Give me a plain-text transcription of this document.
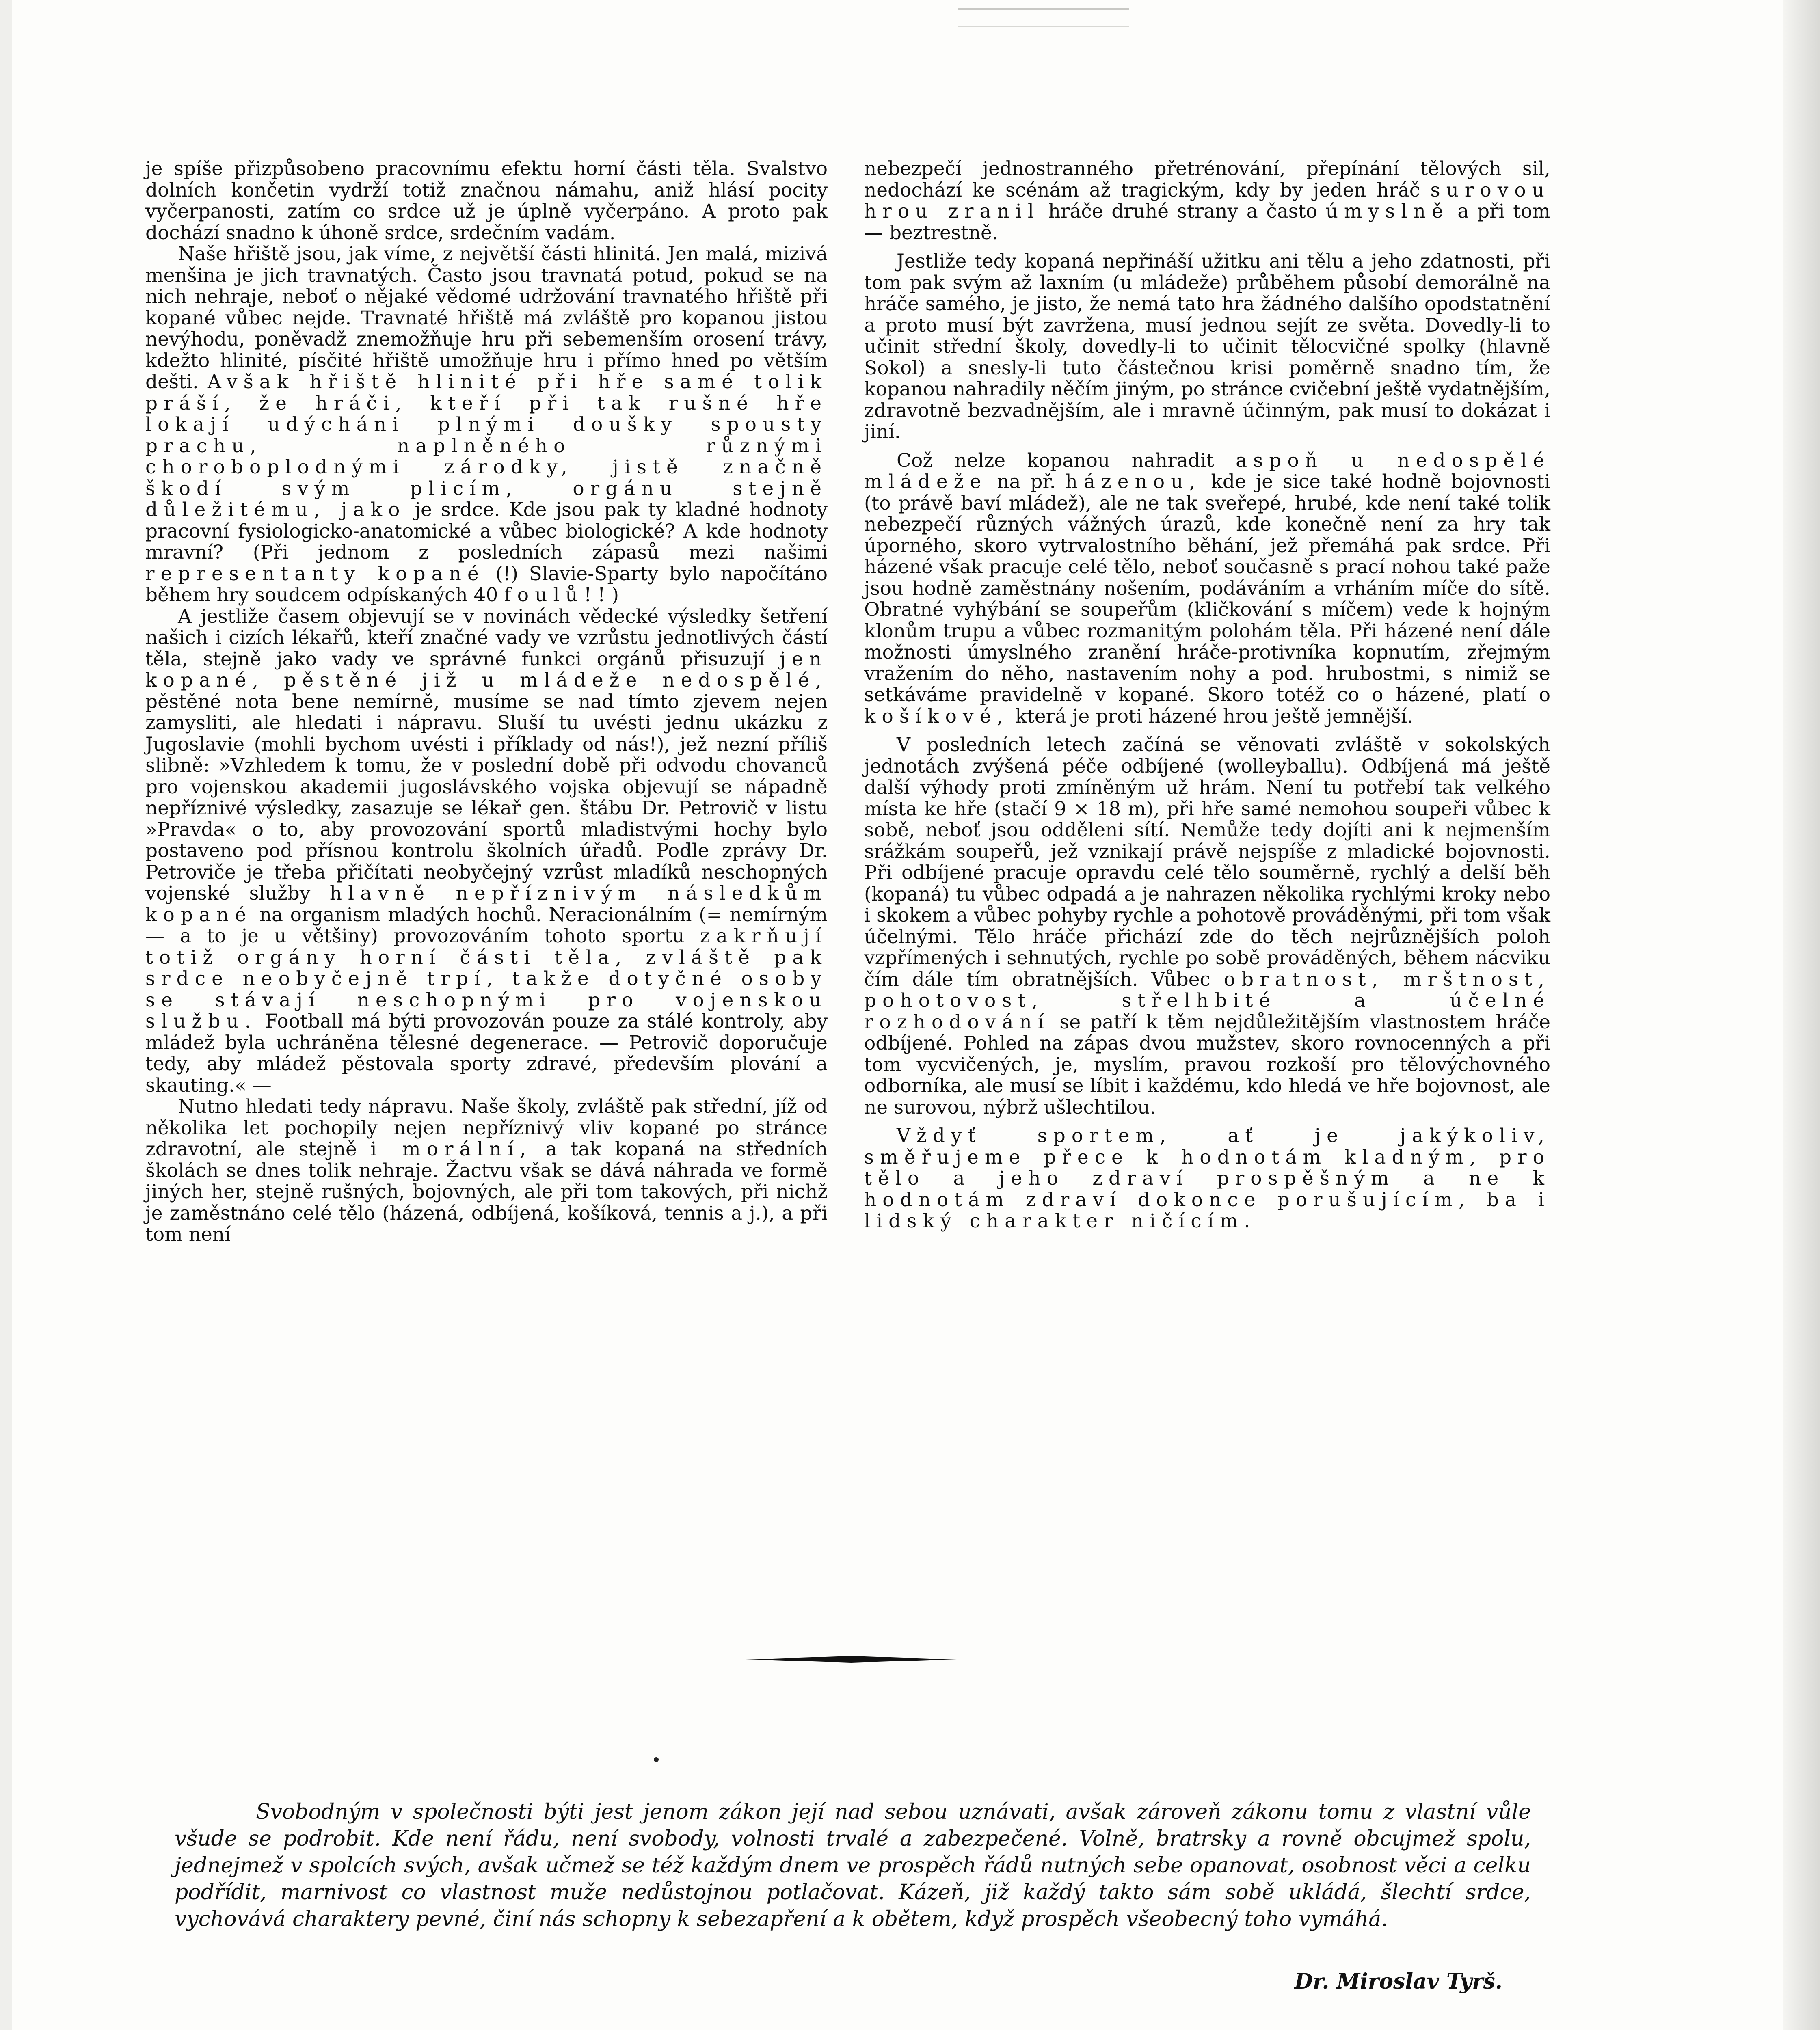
je spíše přizpůsobeno pracovnímu efektu horní části těla. Svalstvo dolních končetin vydrží totiž značnou námahu, aniž hlásí pocity vyčerpanosti, zatím co srdce už je úplně vyčerpáno. A proto pak dochází snadno k úhoně srdce, srdečním vadám.

Naše hřiště jsou, jak víme, z největší části hlinitá. Jen malá, mizivá menšina je jich travnatých. Často jsou travnatá potud, pokud se na nich nehraje, neboť o nějaké vědomé udržování travnatého hřiště při kopané vůbec nejde. Travnaté hřiště má zvláště pro kopanou jistou nevýhodu, poněvadž znemožňuje hru při sebemenším orosení trávy, kdežto hlinité, písčité hřiště umožňuje hru i přímo hned po větším dešti. Avšak hřiště hlinité při hře samé tolik práší, že hráči, kteří při tak rušné hře lokají udýcháni plnými doušky spousty prachu, naplněného různými choroboplodnými zárodky, jistě značně škodí svým plicím, orgánu stejně důležitému, jako je srdce. Kde jsou pak ty kladné hodnoty pracovní fysiologicko-anatomické a vůbec biologické? A kde hodnoty mravní? (Při jednom z posledních zápasů mezi našimi representanty kopané (!) Slavie-Sparty bylo napočítáno během hry soudcem odpískaných 40 foulů!!)

A jestliže časem objevují se v novinách vědecké výsledky šetření našich i cizích lékařů, kteří značné vady ve vzrůstu jednotlivých částí těla, stejně jako vady ve správné funkci orgánů přisuzují jen kopané, pěstěné již u mládeže nedospělé, pěstěné nota bene nemírně, musíme se nad tímto zjevem nejen zamysliti, ale hledati i nápravu. Sluší tu uvésti jednu ukázku z Jugoslavie (mohli bychom uvésti i příklady od nás!), jež nezní příliš slibně: »Vzhledem k tomu, že v poslední době při odvodu chovanců pro vojenskou akademii jugoslávského vojska objevují se nápadně nepříznivé výsledky, zasazuje se lékař gen. štábu Dr. Petrovič v listu »Pravda« o to, aby provozování sportů mladistvými hochy bylo postaveno pod přísnou kontrolu školních úřadů. Podle zprávy Dr. Petroviče je třeba přičítati neobyčejný vzrůst mladíků neschopných vojenské služby hlavně nepříznivým následkům kopané na organism mladých hochů. Neracionálním (= nemírným — a to je u většiny) provozováním tohoto sportu zakrňují totiž orgány horní části těla, zvláště pak srdce neobyčejně trpí, takže dotyčné osoby se stávají neschopnými pro vojenskou službu. Football má býti provozován pouze za stálé kontroly, aby mládež byla uchráněna tělesné degenerace. — Petrovič doporučuje tedy, aby mládež pěstovala sporty zdravé, především plování a skauting.« —

Nutno hledati tedy nápravu. Naše školy, zvláště pak střední, jíž od několika let pochopily nejen nepříznivý vliv kopané po stránce zdravotní, ale stejně i morální, a tak kopaná na středních školách se dnes tolik nehraje. Žactvu však se dává náhrada ve formě jiných her, stejně rušných, bojovných, ale při tom takových, při nichž je zaměstnáno celé tělo (házená, odbíjená, košíková, tennis a j.), a při tom není

nebezpečí jednostranného přetrénování, přepínání tělových sil, nedochází ke scénám až tragickým, kdy by jeden hráč surovou hrou zranil hráče druhé strany a často úmyslně a při tom — beztrestně.

Jestliže tedy kopaná nepřináší užitku ani tělu a jeho zdatnosti, při tom pak svým až laxním (u mládeže) průběhem působí demorálně na hráče samého, je jisto, že nemá tato hra žádného dalšího opodstatnění a proto musí být zavržena, musí jednou sejít ze světa. Dovedly-li to učinit střední školy, dovedly-li to učinit tělocvičné spolky (hlavně Sokol) a snesly-li tuto částečnou krisi poměrně snadno tím, že kopanou nahradily něčím jiným, po stránce cvičební ještě vydatnějším, zdravotně bezvadnějším, ale i mravně účinným, pak musí to dokázat i jiní.

Což nelze kopanou nahradit aspoň u nedospělé mládeže na př. házenou, kde je sice také hodně bojovnosti (to právě baví mládež), ale ne tak sveřepé, hrubé, kde není také tolik nebezpečí různých vážných úrazů, kde konečně není za hry tak úporného, skoro vytrvalostního běhání, jež přemáhá pak srdce. Při házené však pracuje celé tělo, neboť současně s prací nohou také paže jsou hodně zaměstnány nošením, podáváním a vrháním míče do sítě. Obratné vyhýbání se soupeřům (kličkování s míčem) vede k hojným klonům trupu a vůbec rozmanitým polohám těla. Při házené není dále možnosti úmyslného zranění hráče-protivníka kopnutím, zřejmým vražením do něho, nastavením nohy a pod. hrubostmi, s nimiž se setkáváme pravidelně v kopané. Skoro totéž co o házené, platí o košíkové, která je proti házené hrou ještě jemnější.

V posledních letech začíná se věnovati zvláště v sokolských jednotách zvýšená péče odbíjené (wolleyballu). Odbíjená má ještě další výhody proti zmíněným už hrám. Není tu potřebí tak velkého místa ke hře (stačí 9 × 18 m), při hře samé nemohou soupeři vůbec k sobě, neboť jsou odděleni sítí. Nemůže tedy dojíti ani k nejmenším srážkám soupeřů, jež vznikají právě nejspíše z mladické bojovnosti. Při odbíjené pracuje opravdu celé tělo souměrně, rychlý a delší běh (kopaná) tu vůbec odpadá a je nahrazen několika rychlými kroky nebo i skokem a vůbec pohyby rychle a pohotově prováděnými, při tom však účelnými. Tělo hráče přichází zde do těch nejrůznějších poloh vzpřímených i sehnutých, rychle po sobě prováděných, během nácviku čím dále tím obratnějších. Vůbec obratnost, mrštnost, pohotovost, střelhbité a účelné rozhodování se patří k těm nejdůležitějším vlastnostem hráče odbíjené. Pohled na zápas dvou mužstev, skoro rovnocenných a při tom vycvičených, je, myslím, pravou rozkoší pro tělovýchovného odborníka, ale musí se líbit i každému, kdo hledá ve hře bojovnost, ale ne surovou, nýbrž ušlechtilou.

Vždyť sportem, ať je jakýkoliv, směřujeme přece k hodnotám kladným, pro tělo a jeho zdraví prospěšným a ne k hodnotám zdraví dokonce porušujícím, ba i lidský charakter ničícím.

Svobodným v společnosti býti jest jenom zákon její nad sebou uznávati, avšak zároveň zákonu tomu z vlastní vůle všude se podrobit. Kde není řádu, není svobody, volnosti trvalé a zabezpečené. Volně, bratrsky a rovně obcujmež spolu, jednejmež v spolcích svých, avšak učmež se též každým dnem ve prospěch řádů nutných sebe opanovat, osobnost věci a celku podřídit, marnivost co vlastnost muže nedůstojnou potlačovat. Kázeň, již každý takto sám sobě ukládá, šlechtí srdce, vychovává charaktery pevné, činí nás schopny k sebezapření a k obětem, když prospěch všeobecný toho vymáhá.
Dr. Miroslav Tyrš.
